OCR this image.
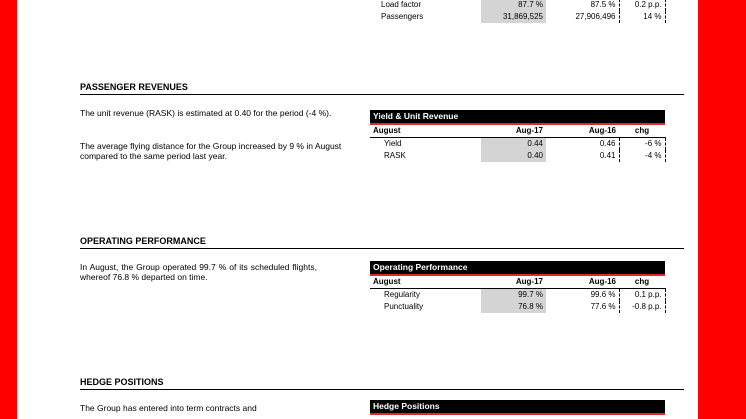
Load factor	87.7 %	87.5 %	0.2 p.p.
Passengers	31,869,525	27,906,496	14 %
PASSENGER REVENUES
The unit revenue (RASK) is estimated at 0.40 for the period (-4 %).
The average flying distance for the Group increased by 9 % in August compared to the same period last year.
Yield & Unit Revenue			

August	Aug-17	Aug-16	chg
Yield	0.44	0.46	-6 %
RASK	0.40	0.41	-4 %
OPERATING PERFORMANCE
In August, the Group operated 99.7 % of its scheduled flights, whereof 76.8 % departed on time.
Operating Performance			

August	Aug-17	Aug-16	chg
Regularity	99.7 %	99.6 %	0.1 p.p.
Punctuality	76.8 %	77.6 %	-0.8 p.p.
HEDGE POSITIONS
The Group has entered into term contracts and	Hedge Positions
